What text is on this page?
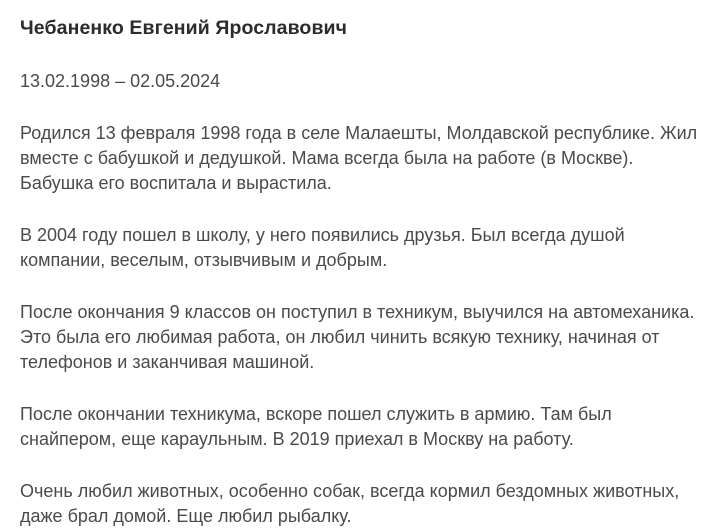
Чебаненко Евгений Ярославович

13.02.1998 – 02.05.2024

Родился 13 февраля 1998 года в селе Малаешты, Молдавской республике. Жил вместе с бабушкой и дедушкой. Мама всегда была на работе (в Москве). Бабушка его воспитала и вырастила.

В 2004 году пошел в школу, у него появились друзья. Был всегда душой компании, веселым, отзывчивым и добрым.

После окончания 9 классов он поступил в техникум, выучился на автомеханика. Это была его любимая работа, он любил чинить всякую технику, начиная от телефонов и заканчивая машиной.

После окончании техникума, вскоре пошел служить в армию. Там был снайпером, еще караульным. В 2019 приехал в Москву на работу.

Очень любил животных, особенно собак, всегда кормил бездомных животных, даже брал домой. Еще любил рыбалку.
